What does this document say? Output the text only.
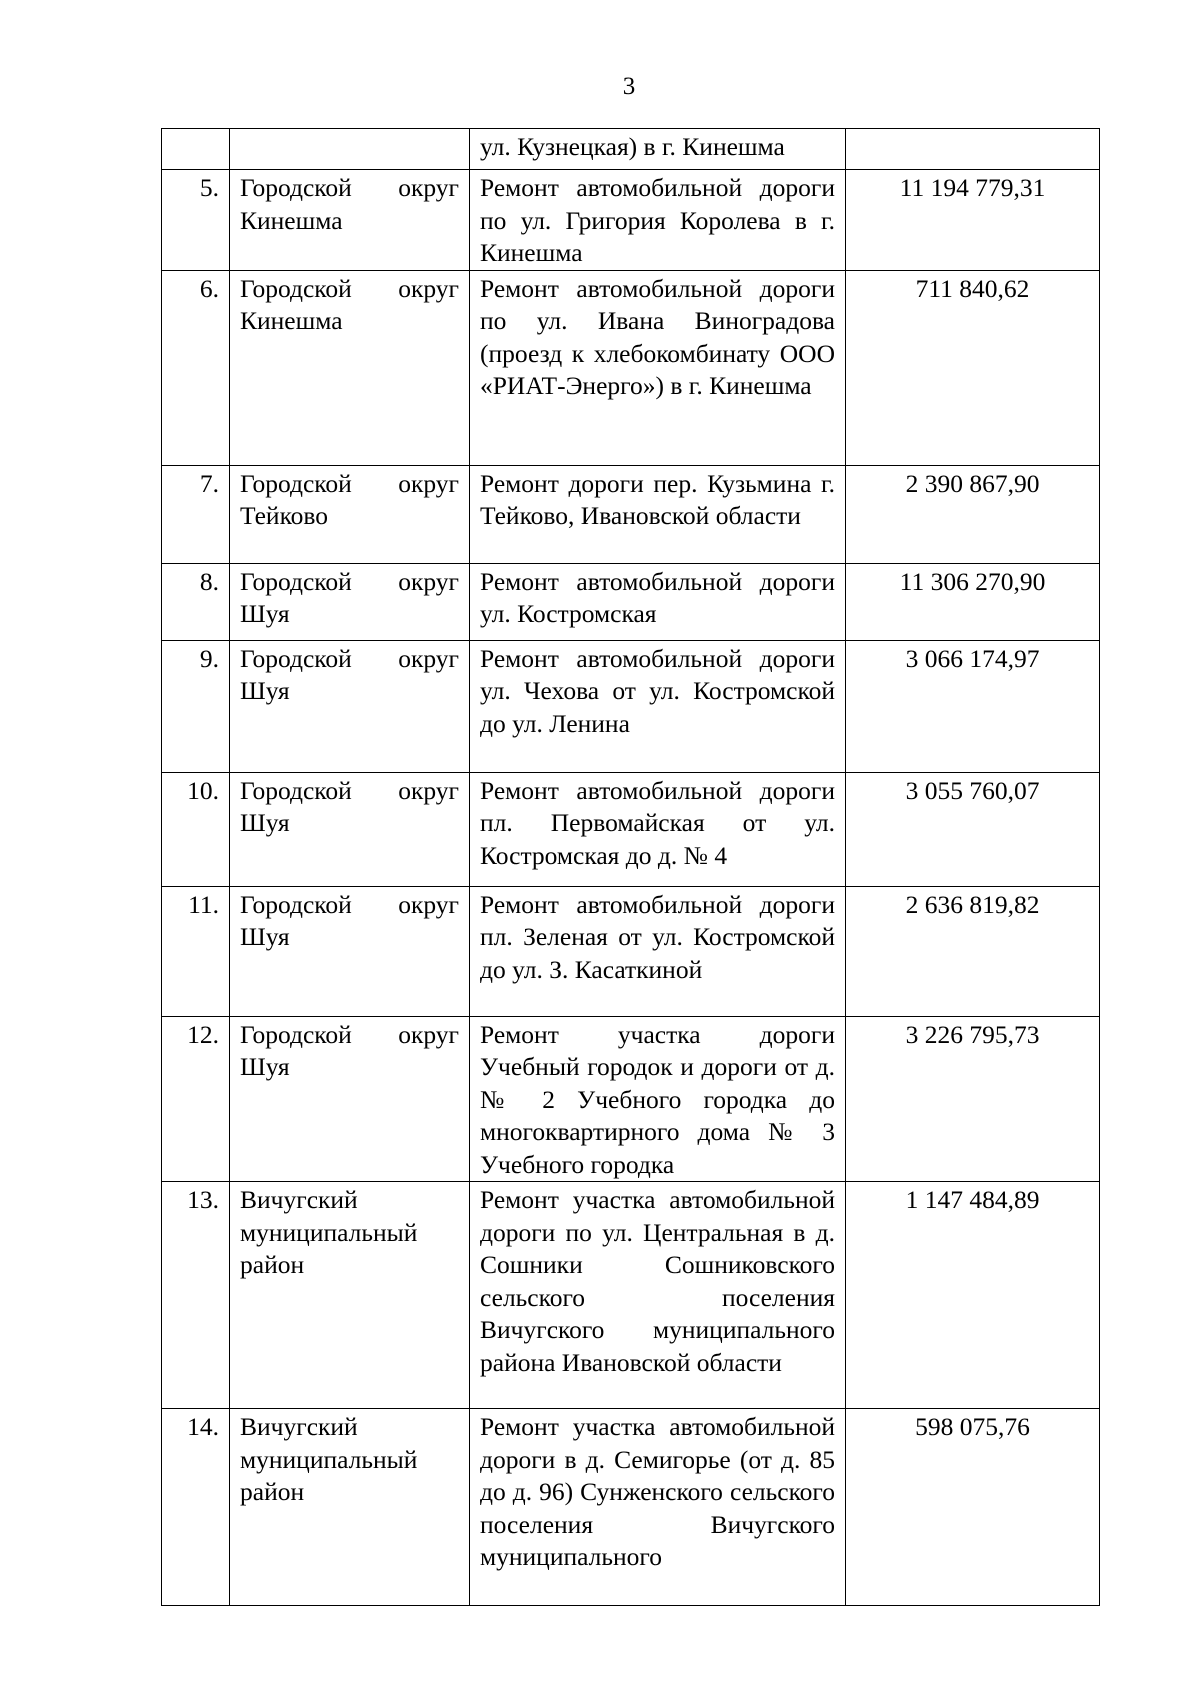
3
		ул. Кузнецкая) в г. Кинешма	
5.	Городской округ Кинешма	Ремонт автомобильной дороги по ул. Григория Королева в г. Кинешма	11 194 779,31
6.	Городской округ Кинешма	Ремонт автомобильной дороги по ул. Ивана Виноградова (проезд к хлебокомбинату ООО «РИАТ-Энерго») в г. Кинешма	711 840,62
7.	Городской округ Тейково	Ремонт дороги пер. Кузьмина г. Тейково, Ивановской области	2 390 867,90
8.	Городской округ Шуя	Ремонт автомобильной дороги ул. Костромская	11 306 270,90
9.	Городской округ Шуя	Ремонт автомобильной дороги ул. Чехова от ул. Костромской до ул. Ленина	3 066 174,97
10.	Городской округ Шуя	Ремонт автомобильной дороги пл. Первомайская от ул. Костромская до д. № 4	3 055 760,07
11.	Городской округ Шуя	Ремонт автомобильной дороги пл. Зеленая от ул. Костромской до ул. З. Касаткиной	2 636 819,82
12.	Городской округ Шуя	Ремонт участка дороги Учебный городок и дороги от д. № 2 Учебного городка до многоквартирного дома № 3 Учебного городка	3 226 795,73
13.	Вичугский муниципальный район	Ремонт участка автомобильной дороги по ул. Центральная в д. Сошники Сошниковского сельского поселения Вичугского муниципального района Ивановской области	1 147 484,89
14.	Вичугский муниципальный район	Ремонт участка автомобильной дороги в д. Семигорье (от д. 85 до д. 96) Сунженского сельского поселения Вичугского муниципального	598 075,76
